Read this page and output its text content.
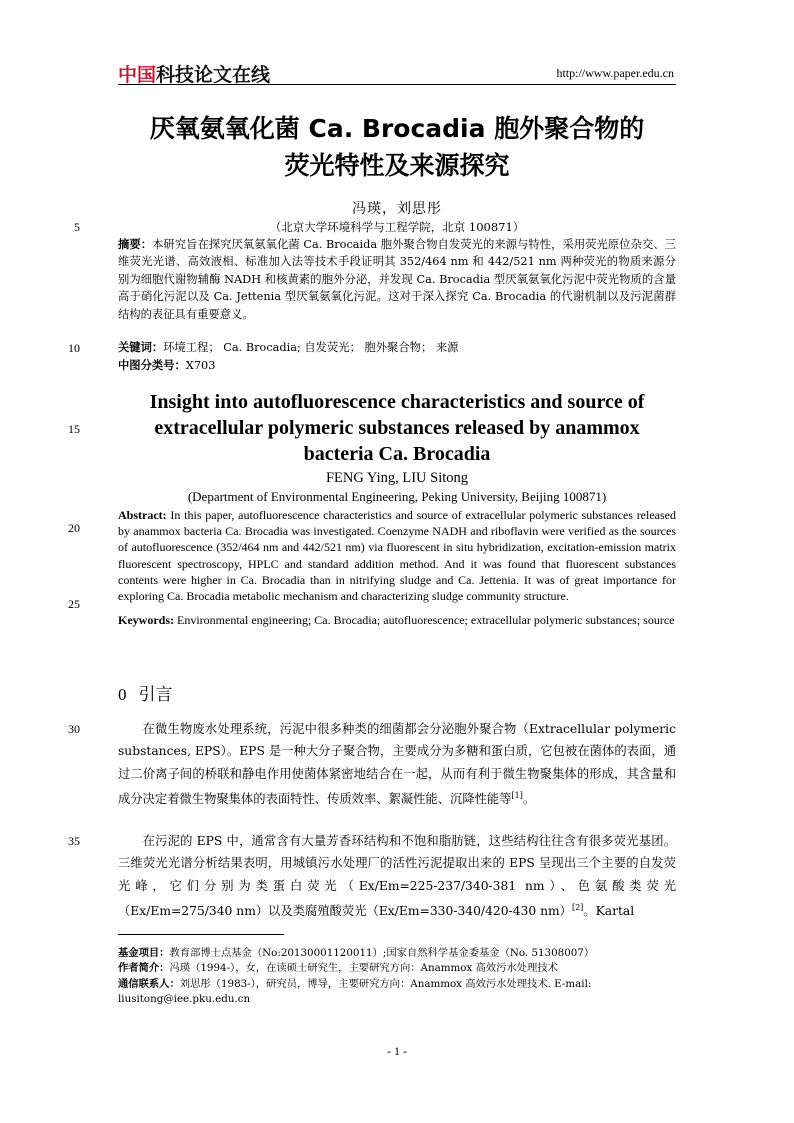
中国科技论文在线	http://www.paper.edu.cn
厌氧氨氧化菌 Ca. Brocadia 胞外聚合物的
荧光特性及来源探究
冯瑛，刘思彤
（北京大学环境科学与工程学院，北京 100871）
5
10
15
20
25
30
35
摘要：本研究旨在探究厌氧氨氧化菌 Ca. Brocaida 胞外聚合物自发荧光的来源与特性，采用荧光原位杂交、三维荧光光谱、高效液相、标准加入法等技术手段证明其 352/464 nm 和 442/521 nm 两种荧光的物质来源分别为细胞代谢物辅酶 NADH 和核黄素的胞外分泌，并发现 Ca. Brocadia 型厌氧氨氧化污泥中荧光物质的含量高于硝化污泥以及 Ca. Jettenia 型厌氧氨氧化污泥。这对于深入探究 Ca. Brocadia 的代谢机制以及污泥菌群结构的表征具有重要意义。
关键词：环境工程； Ca. Brocadia; 自发荧光； 胞外聚合物； 来源
中图分类号：X703
Insight into autofluorescence characteristics and source of
extracellular polymeric substances released by anammox
bacteria Ca. Brocadia
FENG Ying, LIU Sitong
(Department of Environmental Engineering, Peking University, Beijing 100871)
Abstract: In this paper, autofluorescence characteristics and source of extracellular polymeric substances released by anammox bacteria Ca. Brocadia was investigated. Coenzyme NADH and riboflavin were verified as the sources of autofluorescence (352/464 nm and 442/521 nm) via fluorescent in situ hybridization, excitation-emission matrix fluorescent spectroscopy, HPLC and standard addition method. And it was found that fluorescent substances contents were higher in Ca. Brocadia than in nitrifying sludge and Ca. Jettenia. It was of great importance for exploring Ca. Brocadia metabolic mechanism and characterizing sludge community structure.
Keywords: Environmental engineering; Ca. Brocadia; autofluorescence; extracellular polymeric substances; source
0 引言
在微生物废水处理系统，污泥中很多种类的细菌都会分泌胞外聚合物（Extracellular polymeric substances, EPS）。EPS 是一种大分子聚合物，主要成分为多糖和蛋白质，它包被在菌体的表面，通过二价离子间的桥联和静电作用使菌体紧密地结合在一起，从而有利于微生物聚集体的形成，其含量和成分决定着微生物聚集体的表面特性、传质效率、絮凝性能、沉降性能等[1]。
在污泥的 EPS 中，通常含有大量芳香环结构和不饱和脂肪链，这些结构往往含有很多荧光基团。三维荧光光谱分析结果表明，用城镇污水处理厂的活性污泥提取出来的 EPS 呈现出三个主要的自发荧光峰，它们分别为类蛋白荧光（Ex/Em=225-237/340-381 nm）、色氨酸类荧光（Ex/Em=275/340 nm）以及类腐殖酸荧光（Ex/Em=330-340/420-430 nm）[2]。Kartal
基金项目：教育部博士点基金（No:20130001120011）;国家自然科学基金委基金（No. 51308007）
作者简介：冯瑛（1994-），女，在读硕士研究生，主要研究方向：Anammox 高效污水处理技术
通信联系人：刘思彤（1983-），研究员，博导，主要研究方向：Anammox 高效污水处理技术. E-mail: liusitong@iee.pku.edu.cn
- 1 -
